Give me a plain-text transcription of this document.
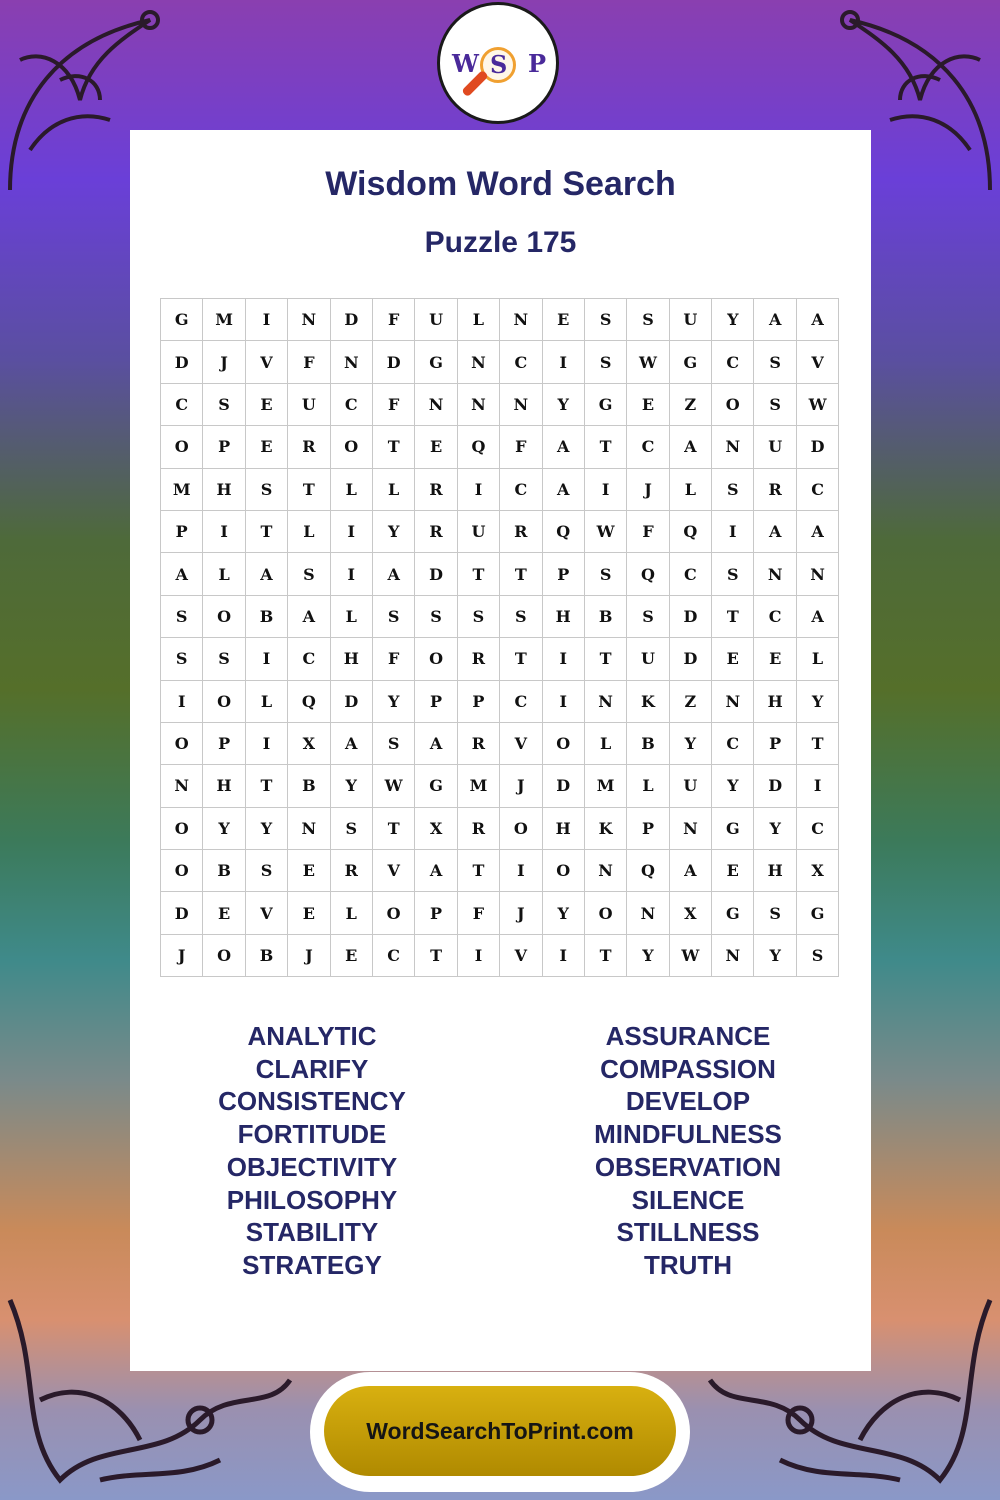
W S P
Wisdom Word Search
Puzzle 175
G	M	I	N	D	F	U	L	N	E	S	S	U	Y	A	A
D	J	V	F	N	D	G	N	C	I	S	W	G	C	S	V
C	S	E	U	C	F	N	N	N	Y	G	E	Z	O	S	W
O	P	E	R	O	T	E	Q	F	A	T	C	A	N	U	D
M	H	S	T	L	L	R	I	C	A	I	J	L	S	R	C
P	I	T	L	I	Y	R	U	R	Q	W	F	Q	I	A	A
A	L	A	S	I	A	D	T	T	P	S	Q	C	S	N	N
S	O	B	A	L	S	S	S	S	H	B	S	D	T	C	A
S	S	I	C	H	F	O	R	T	I	T	U	D	E	E	L
I	O	L	Q	D	Y	P	P	C	I	N	K	Z	N	H	Y
O	P	I	X	A	S	A	R	V	O	L	B	Y	C	P	T
N	H	T	B	Y	W	G	M	J	D	M	L	U	Y	D	I
O	Y	Y	N	S	T	X	R	O	H	K	P	N	G	Y	C
O	B	S	E	R	V	A	T	I	O	N	Q	A	E	H	X
D	E	V	E	L	O	P	F	J	Y	O	N	X	G	S	G
J	O	B	J	E	C	T	I	V	I	T	Y	W	N	Y	S
ANALYTIC
CLARIFY
CONSISTENCY
FORTITUDE
OBJECTIVITY
PHILOSOPHY
STABILITY
STRATEGY
ASSURANCE
COMPASSION
DEVELOP
MINDFULNESS
OBSERVATION
SILENCE
STILLNESS
TRUTH
WordSearchToPrint.com
